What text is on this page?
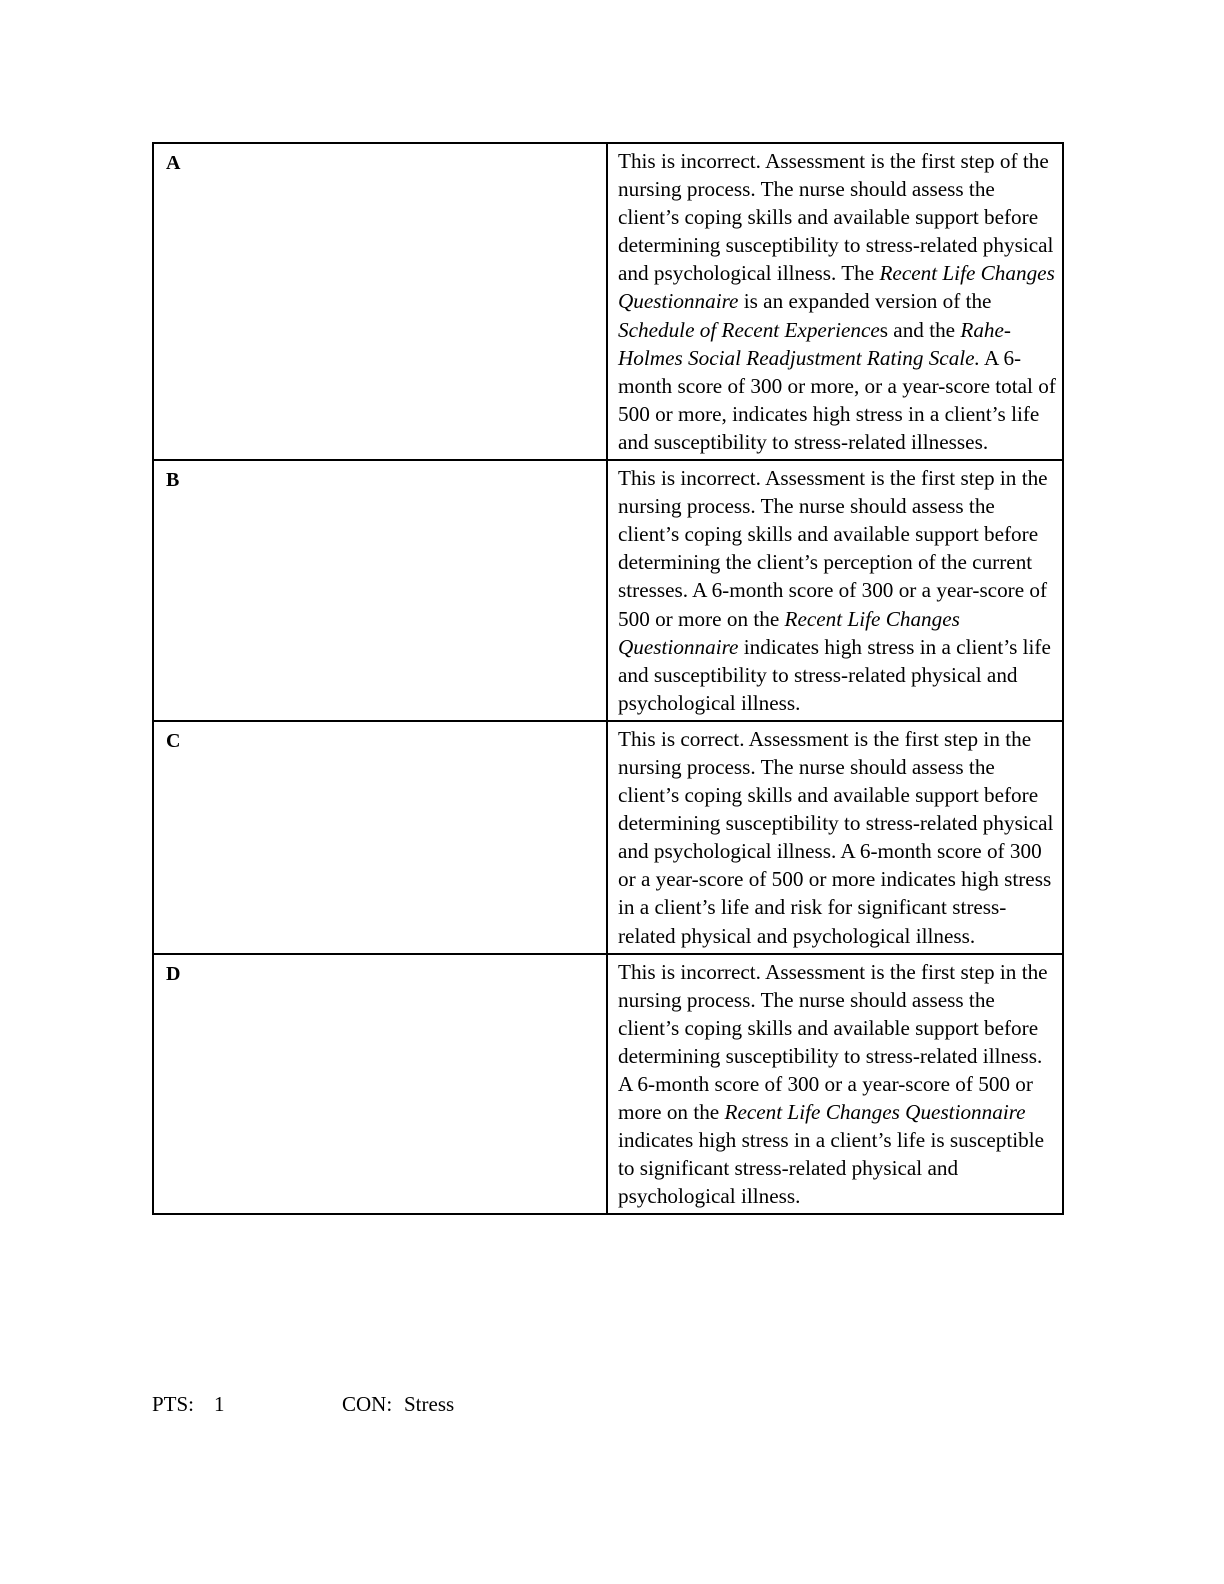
A	This is incorrect. Assessment is the first step of the nursing process. The nurse should assess the client’s coping skills and available support before determining susceptibility to stress-related physical and psychological illness. The Recent Life Changes Questionnaire is an expanded version of the Schedule of Recent Experiences and the Rahe-Holmes Social Readjustment Rating Scale. A 6-month score of 300 or more, or a year-score total of 500 or more, indicates high stress in a client’s life and susceptibility to stress-related illnesses.

B	This is incorrect. Assessment is the first step in the nursing process. The nurse should assess the client’s coping skills and available support before determining the client’s perception of the current stresses. A 6-month score of 300 or a year-score of 500 or more on the Recent Life Changes Questionnaire indicates high stress in a client’s life and susceptibility to stress-related physical and psychological illness.

C	This is correct. Assessment is the first step in the nursing process. The nurse should assess the client’s coping skills and available support before determining susceptibility to stress-related physical and psychological illness. A 6-month score of 300 or a year-score of 500 or more indicates high stress in a client’s life and risk for significant stress-related physical and psychological illness.

D	This is incorrect. Assessment is the first step in the nursing process. The nurse should assess the client’s coping skills and available support before determining susceptibility to stress-related illness. A 6-month score of 300 or a year-score of 500 or more on the Recent Life Changes Questionnaire indicates high stress in a client’s life is susceptible to significant stress-related physical and psychological illness.
PTS: 1	CON: Stress
